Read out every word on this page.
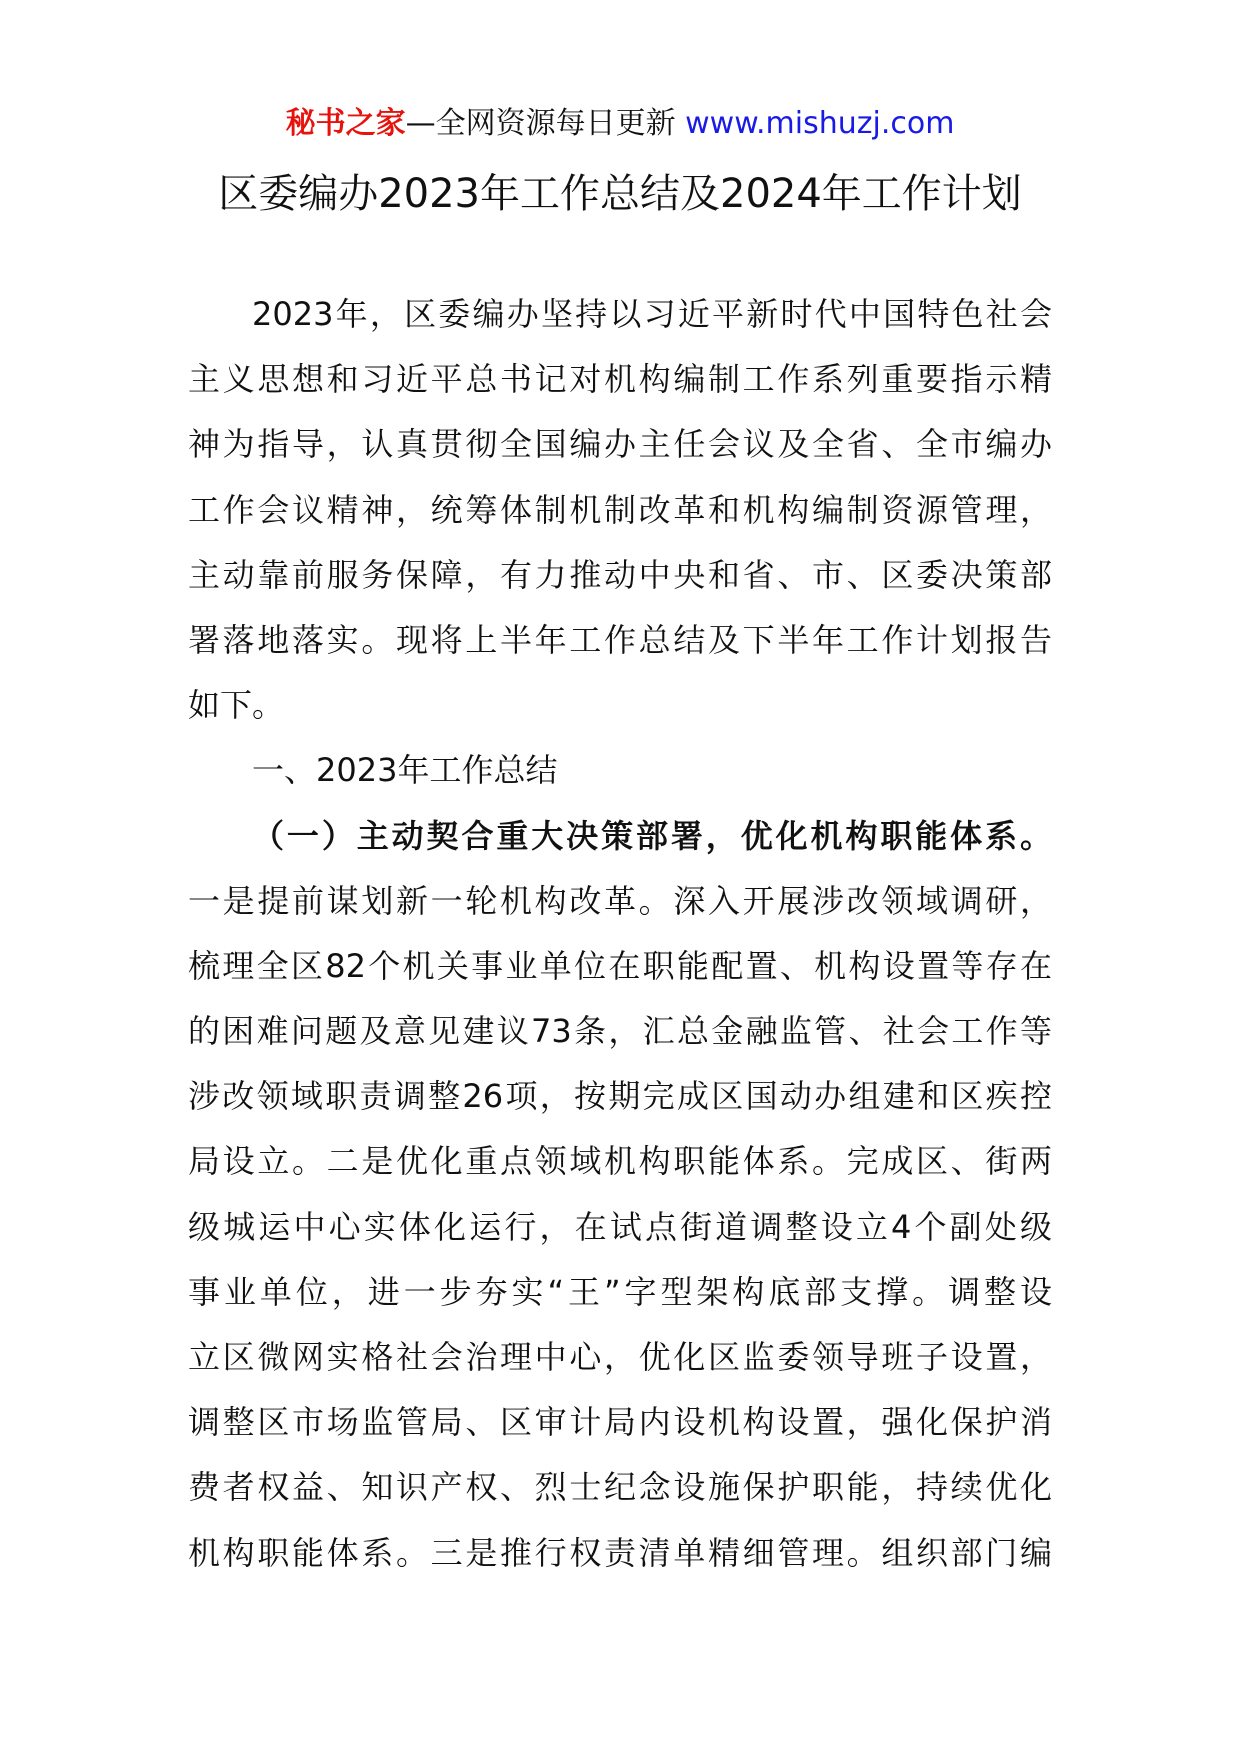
秘书之家—全网资源每日更新 www.mishuzj.com
区委编办2023年工作总结及2024年工作计划
2023年，区委编办坚持以习近平新时代中国特色社会
主义思想和习近平总书记对机构编制工作系列重要指示精
神为指导，认真贯彻全国编办主任会议及全省、全市编办
工作会议精神，统筹体制机制改革和机构编制资源管理，
主动靠前服务保障，有力推动中央和省、市、区委决策部
署落地落实。现将上半年工作总结及下半年工作计划报告
如下。
一、2023年工作总结
（一）主动契合重大决策部署，优化机构职能体系。
一是提前谋划新一轮机构改革。深入开展涉改领域调研，
梳理全区82个机关事业单位在职能配置、机构设置等存在
的困难问题及意见建议73条，汇总金融监管、社会工作等
涉改领域职责调整26项，按期完成区国动办组建和区疾控
局设立。二是优化重点领域机构职能体系。完成区、街两
级城运中心实体化运行，在试点街道调整设立4个副处级
事业单位，进一步夯实“王”字型架构底部支撑。调整设
立区微网实格社会治理中心，优化区监委领导班子设置，
调整区市场监管局、区审计局内设机构设置，强化保护消
费者权益、知识产权、烈士纪念设施保护职能，持续优化
机构职能体系。三是推行权责清单精细管理。组织部门编
